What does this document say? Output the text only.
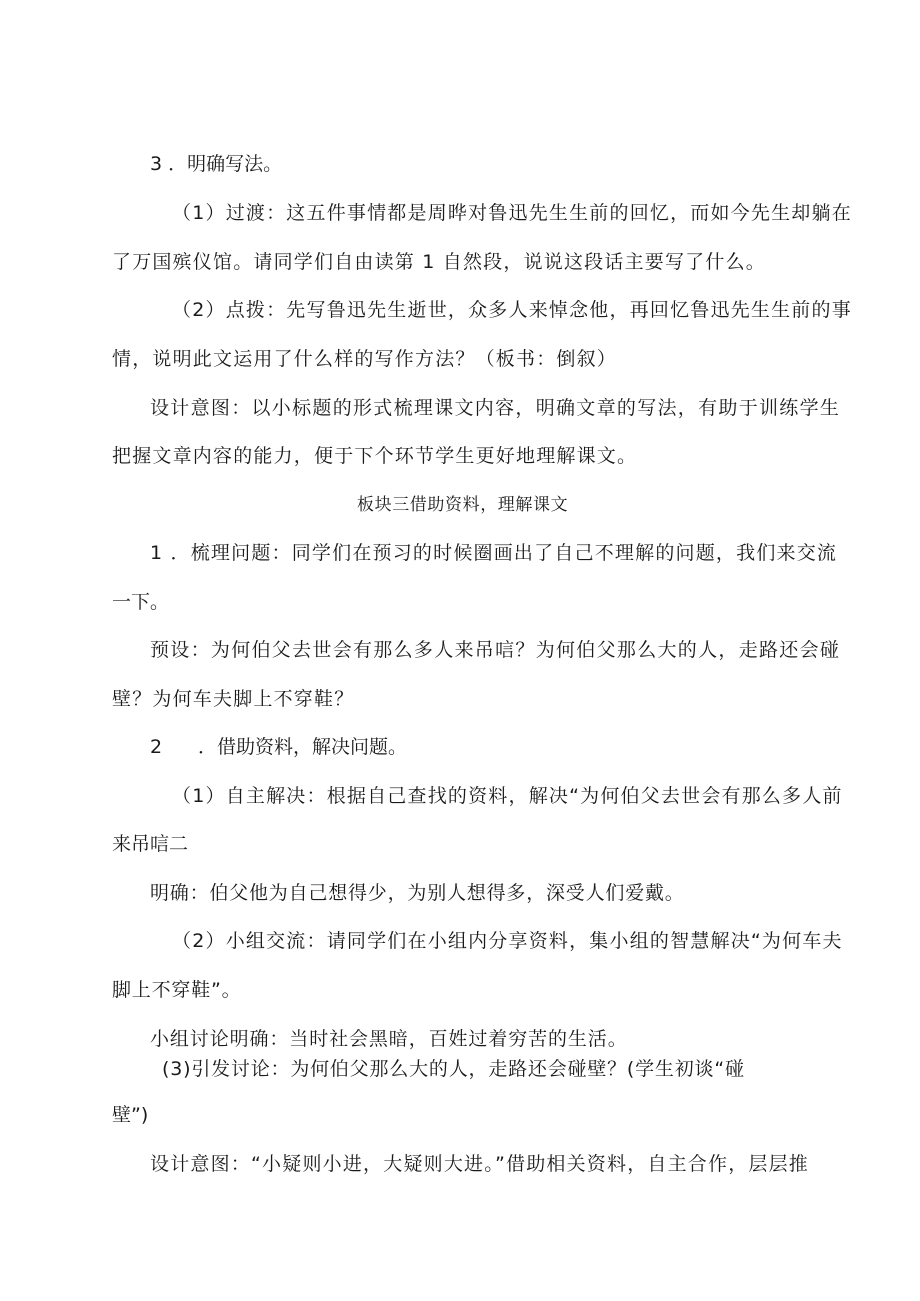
3 ．明确写法。

（1）过渡：这五件事情都是周晔对鲁迅先生生前的回忆，而如今先生却躺在

了万国殡仪馆。请同学们自由读第 1 自然段，说说这段话主要写了什么。

（2）点拨：先写鲁迅先生逝世，众多人来悼念他，再回忆鲁迅先生生前的事

情，说明此文运用了什么样的写作方法？（板书：倒叙）

设计意图：以小标题的形式梳理课文内容，明确文章的写法，有助于训练学生

把握文章内容的能力，便于下个环节学生更好地理解课文。

板块三借助资料，理解课文

1 ．梳理问题：同学们在预习的时候圈画出了自己不理解的问题，我们来交流

一下。

预设：为何伯父去世会有那么多人来吊唁？为何伯父那么大的人，走路还会碰

壁？为何车夫脚上不穿鞋？

2 ．借助资料，解决问题。

（1）自主解决：根据自己查找的资料，解决“为何伯父去世会有那么多人前

来吊唁二

明确：伯父他为自己想得少，为别人想得多，深受人们爱戴。

（2）小组交流：请同学们在小组内分享资料，集小组的智慧解决“为何车夫

脚上不穿鞋”。

小组讨论明确：当时社会黑暗，百姓过着穷苦的生活。

(3)引发讨论：为何伯父那么大的人，走路还会碰壁？(学生初谈“碰

壁”)

设计意图：“小疑则小进，大疑则大进。”借助相关资料，自主合作，层层推
